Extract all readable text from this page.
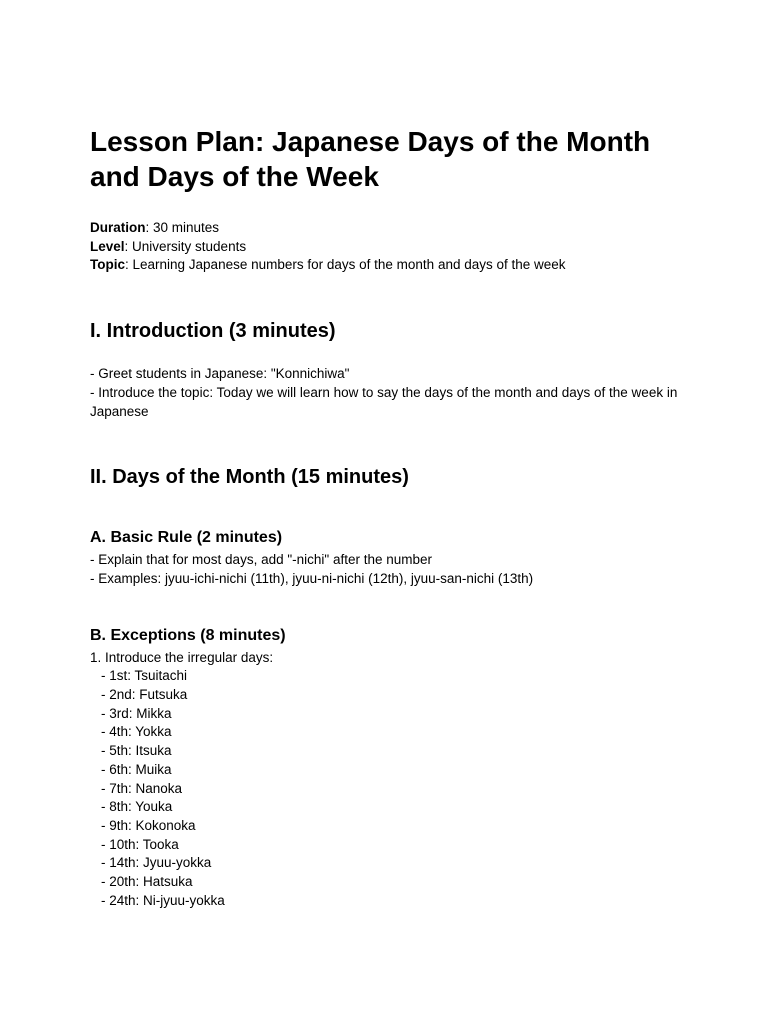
Lesson Plan: Japanese Days of the Month and Days of the Week
Duration: 30 minutes
Level: University students
Topic: Learning Japanese numbers for days of the month and days of the week
I. Introduction (3 minutes)
- Greet students in Japanese: "Konnichiwa"
- Introduce the topic: Today we will learn how to say the days of the month and days of the week in Japanese
II. Days of the Month (15 minutes)
A. Basic Rule (2 minutes)
- Explain that for most days, add "-nichi" after the number
- Examples: jyuu-ichi-nichi (11th), jyuu-ni-nichi (12th), jyuu-san-nichi (13th)
B. Exceptions (8 minutes)
1. Introduce the irregular days:
- 1st: Tsuitachi
- 2nd: Futsuka
- 3rd: Mikka
- 4th: Yokka
- 5th: Itsuka
- 6th: Muika
- 7th: Nanoka
- 8th: Youka
- 9th: Kokonoka
- 10th: Tooka
- 14th: Jyuu-yokka
- 20th: Hatsuka
- 24th: Ni-jyuu-yokka
